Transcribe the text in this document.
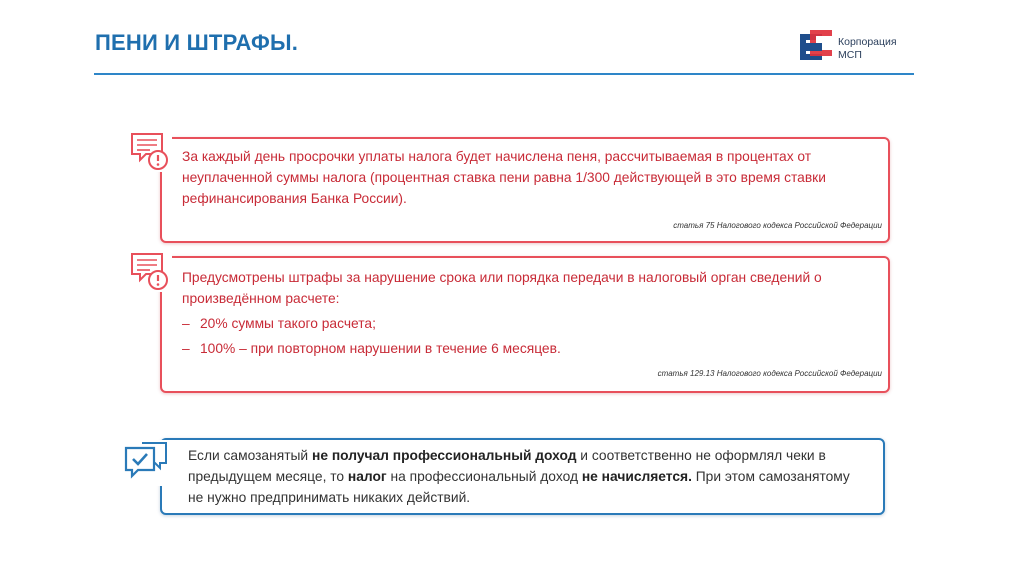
ПЕНИ И ШТРАФЫ.	Корпорация
МСП
За каждый день просрочки уплаты налога будет начислена пеня, рассчитываемая в процентах от неуплаченной суммы налога (процентная ставка пени равна 1/300 действующей в это время ставки рефинансирования Банка России).
статья 75 Налогового кодекса Российской Федерации
Предусмотрены штрафы за нарушение срока или порядка передачи в налоговый орган сведений о произведённом расчете:
– 20% суммы такого расчета;
– 100% – при повторном нарушении в течение 6 месяцев.
статья 129.13 Налогового кодекса Российской Федерации
Если самозанятый не получал профессиональный доход и соответственно не оформлял чеки в предыдущем месяце, то налог на профессиональный доход не начисляется. При этом самозанятому не нужно предпринимать никаких действий.
